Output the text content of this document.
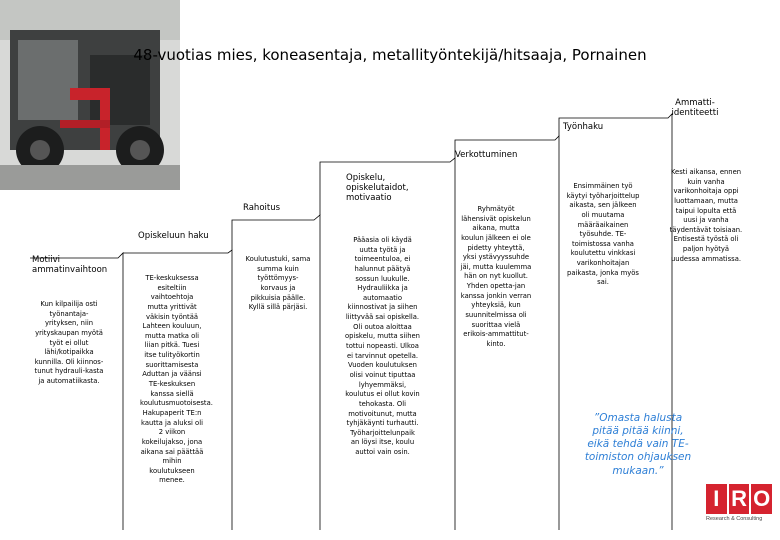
48-vuotias mies, koneasentaja, metallityöntekijä/hitsaaja, Pornainen
Motiivi ammatinvaihtoon
Opiskeluun haku
Rahoitus
Opiskelu, opiskelutaidot, motivaatio
Verkottuminen
Työnhaku
Ammatti-identiteetti
Kun kilpailija osti työnantaja-yrityksen, niin yrityskaupan myötä työt ei ollut lähi/kotipaikka kunnilla. Oli kiinnos-tunut hydrauli-kasta ja automatiikasta.
TE-keskuksessa esiteltiin vaihtoehtoja mutta yrittivät väkisin työntää Lahteen kouluun, mutta matka oli liian pitkä. Tuesi itse tulityökortin suorittamisesta Aduttan ja väänsi TE-keskuksen kanssa siellä koulutusmuotoisesta. Hakupaperit TE:n kautta ja aluksi oli 2 viikon kokeilujakso, jona aikana sai päättää mihin koulutukseen menee.
Koulutustuki, sama summa kuin työttömyys-korvaus ja pikkuisia päälle. Kyllä sillä pärjäsi.
Pääasia oli käydä uutta työtä ja toimeentuloa, ei halunnut päätyä sossun luukulle. Hydrauliikka ja automaatio kiinnostivat ja siihen liittyvää sai opiskella. Oli outoa aloittaa opiskelu, mutta siihen tottui nopeasti. Ulkoa ei tarvinnut opetella. Vuoden koulutuksen olisi voinut tiputtaa lyhyemmäksi, koulutus ei ollut kovin tehokasta. Oli motivoitunut, mutta tyhjäkäynti turhautti. Työharjoittelunpaik an löysi itse, koulu auttoi vain osin.
Ryhmätyöt lähensivät opiskelun aikana, mutta koulun jälkeen ei ole pidetty yhteyttä, yksi ystävyyssuhde jäi, mutta kuulemma hän on nyt kuollut. Yhden opetta-jan kanssa jonkin verran yhteyksiä, kun suunnitelmissa oli suorittaa vielä erikois-ammattitut-kinto.
Ensimmäinen työ käytyi työharjoittelup aikasta, sen jälkeen oli muutama määräaikainen työsuhde. TE-toimistossa vanha koulutettu vinkkasi varikonhoitajan paikasta, jonka myös sai.
Kesti aikansa, ennen kuin vanha varikonhoitaja oppi luottamaan, mutta taipui lopulta että uusi ja vanha täydentävät toisiaan. Entisestä työstä oli paljon hyötyä uudessa ammatissa.
”Omasta halusta pitää pitää kiinni, eikä tehdä vain TE-toimiston ohjauksen mukaan.”
I R O
Research & Consulting
